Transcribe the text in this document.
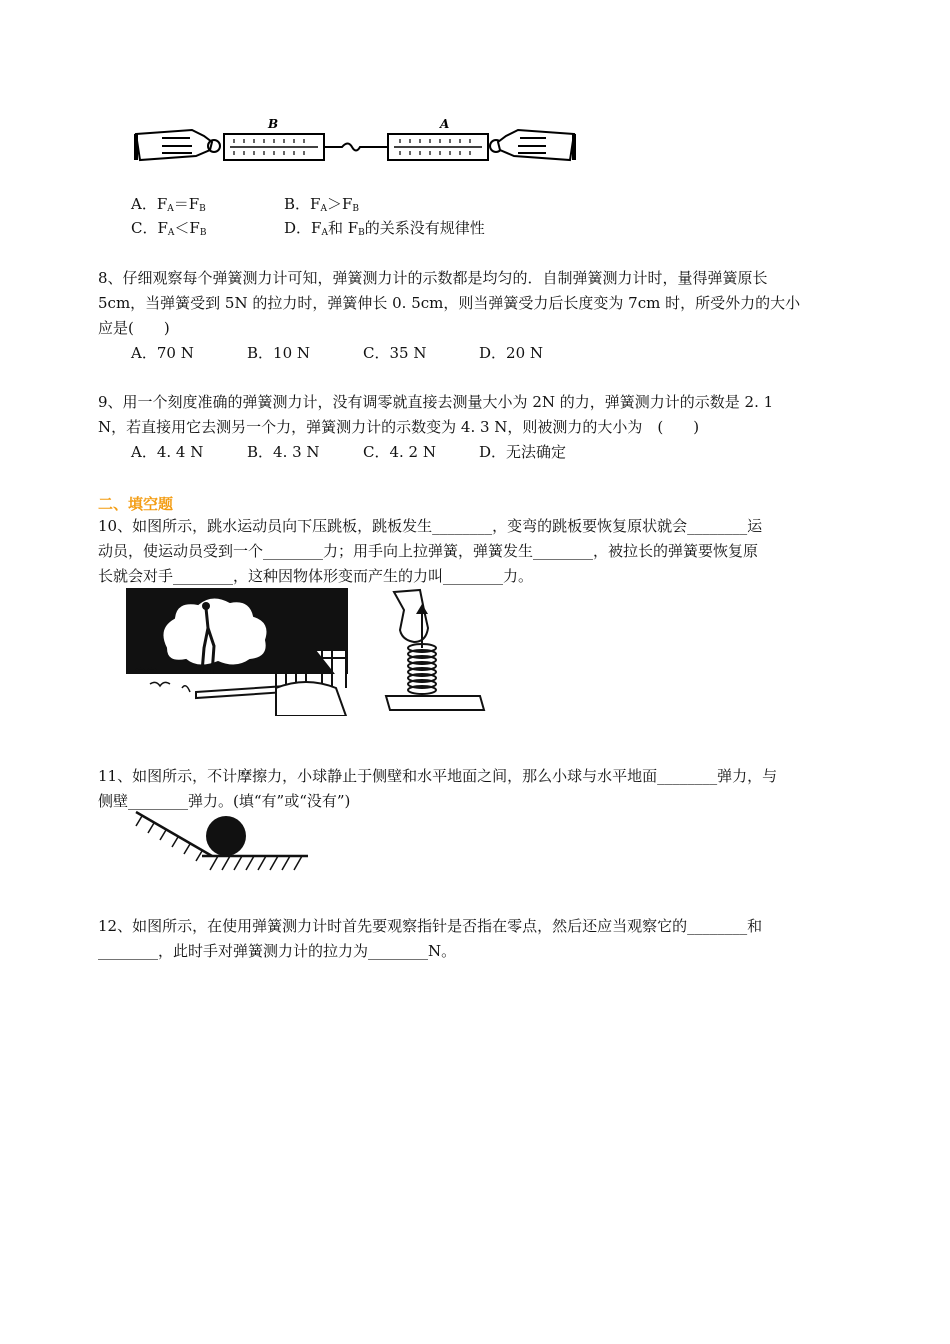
B	A
A．$F_A=F_B$	B．$F_A>F_B$
C．$F_A<F_B$	D．$F_A$和 $F_B$的关系没有规律性
8、仔细观察每个弹簧测力计可知，弹簧测力计的示数都是均匀的．自制弹簧测力计时，量得弹簧原长
5cm，当弹簧受到 5N 的拉力时，弹簧伸长 0. 5cm，则当弹簧受力后长度变为 7cm 时，所受外力的大小
应是(　　)
A．70 N	B．10 N	C．35 N	D．20 N
9、用一个刻度准确的弹簧测力计，没有调零就直接去测量大小为 2N 的力，弹簧测力计的示数是 2. 1
N，若直接用它去测另一个力，弹簧测力计的示数变为 4. 3 N，则被测力的大小为　(　　)
A．4. 4 N	B．4. 3 N	C．4. 2 N	D．无法确定
二、填空题
10、如图所示，跳水运动员向下压跳板，跳板发生________，变弯的跳板要恢复原状就会________运
动员，使运动员受到一个________力；用手向上拉弹簧，弹簧发生________，被拉长的弹簧要恢复原
长就会对手________，这种因物体形变而产生的力叫________力。
11、如图所示，不计摩擦力，小球静止于侧壁和水平地面之间，那么小球与水平地面________弹力，与
侧壁________弹力。(填“有”或“没有”)
12、如图所示，在使用弹簧测力计时首先要观察指针是否指在零点，然后还应当观察它的________和
________，此时手对弹簧测力计的拉力为________N。
